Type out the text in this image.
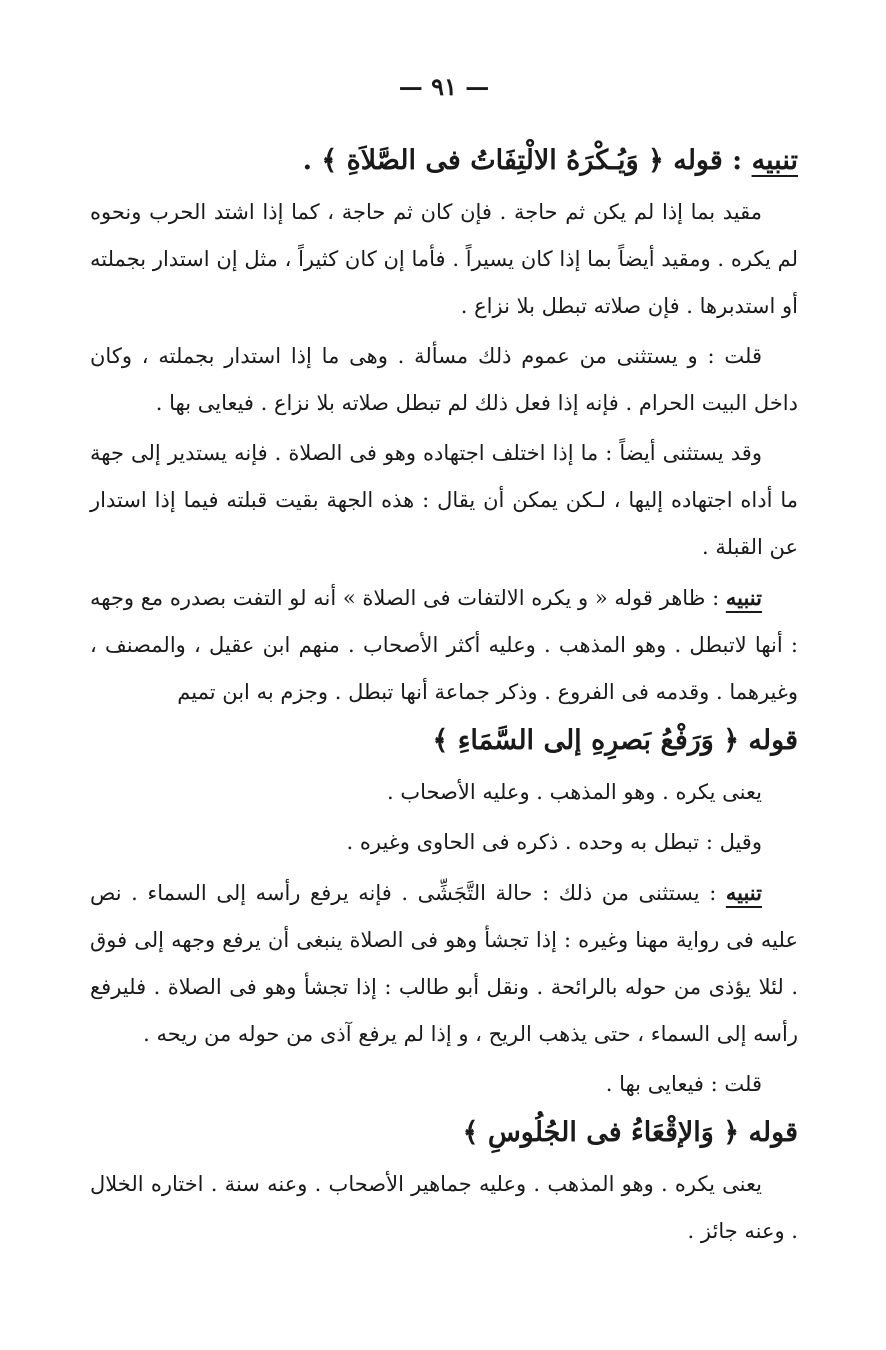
— ٩١ —
تنبيه : قوله ﴿ وَيُـكْرَهُ الالْتِفَاتُ فى الصَّلاَةِ ﴾ .

مقيد بما إذا لم يكن ثم حاجة . فإن كان ثم حاجة ، كما إذا اشتد الحرب ونحوه لم يكره . ومقيد أيضاً بما إذا كان يسيراً . فأما إن كان كثيراً ، مثل إن استدار بجملته أو استدبرها . فإن صلاته تبطل بلا نزاع .

قلت : و يستثنى من عموم ذلك مسألة . وهى ما إذا استدار بجملته ، وكان داخل البيت الحرام . فإنه إذا فعل ذلك لم تبطل صلاته بلا نزاع . فيعايى بها .

وقد يستثنى أيضاً : ما إذا اختلف اجتهاده وهو فى الصلاة . فإنه يستدير إلى جهة ما أداه اجتهاده إليها ، لـكن يمكن أن يقال : هذه الجهة بقيت قبلته فيما إذا استدار عن القبلة .

تنبيه : ظاهر قوله « و يكره الالتفات فى الصلاة » أنه لو التفت بصدره مع وجهه : أنها لاتبطل . وهو المذهب . وعليه أكثر الأصحاب . منهم ابن عقيل ، والمصنف ، وغيرهما . وقدمه فى الفروع . وذكر جماعة أنها تبطل . وجزم به ابن تميم

قوله ﴿ وَرَفْعُ بَصرِهِ إلى السَّمَاءِ ﴾

يعنى يكره . وهو المذهب . وعليه الأصحاب .

وقيل : تبطل به وحده . ذكره فى الحاوى وغيره .

تنبيه : يستثنى من ذلك : حالة التَّجَشِّى . فإنه يرفع رأسه إلى السماء . نص عليه فى رواية مهنا وغيره : إذا تجشأ وهو فى الصلاة ينبغى أن يرفع وجهه إلى فوق . لئلا يؤذى من حوله بالرائحة . ونقل أبو طالب : إذا تجشأ وهو فى الصلاة . فليرفع رأسه إلى السماء ، حتى يذهب الريح ، و إذا لم يرفع آذى من حوله من ريحه .

قلت : فيعايى بها .

قوله ﴿ وَالإقْعَاءُ فى الجُلُوسِ ﴾

يعنى يكره . وهو المذهب . وعليه جماهير الأصحاب . وعنه سنة . اختاره الخلال . وعنه جائز .
